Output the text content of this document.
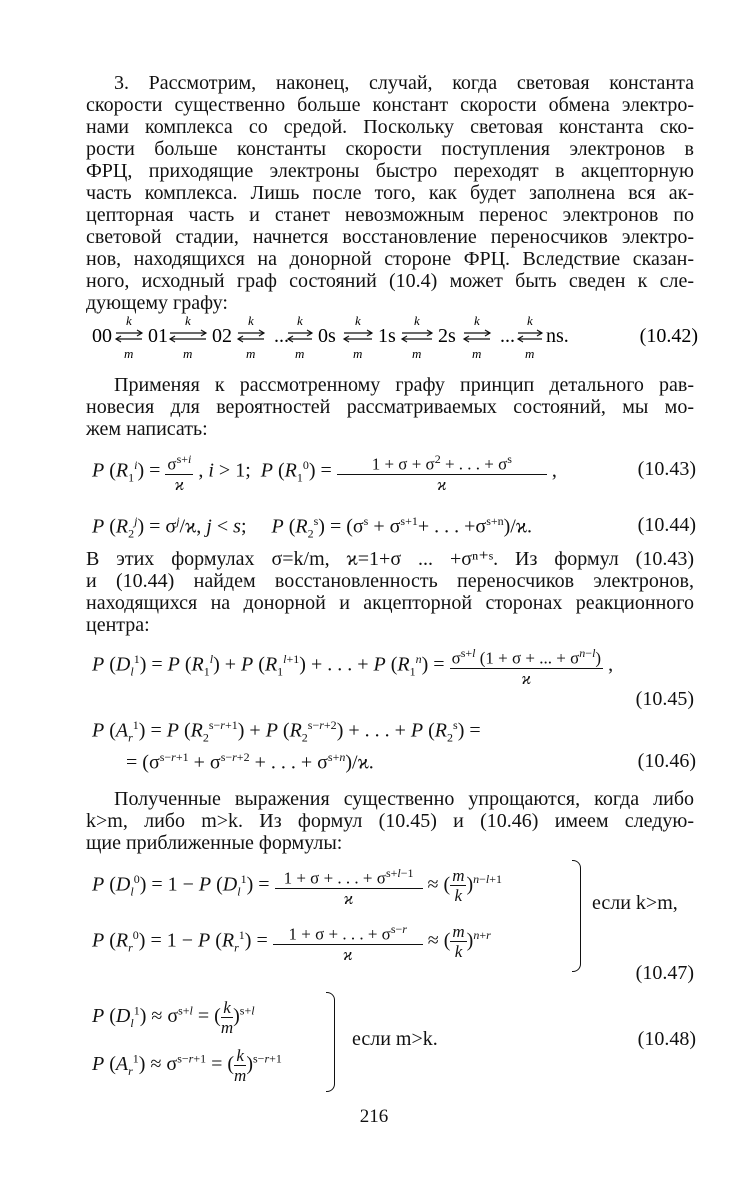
3. Рассмотрим, наконец, случай, когда световая константа
скорости существенно больше констант скорости обмена электро-
нами комплекса со средой. Поскольку световая константа ско-
рости больше константы скорости поступления электронов в
ФРЦ, приходящие электроны быстро переходят в акцепторную
часть комплекса. Лишь после того, как будет заполнена вся ак-
цепторная часть и станет невозможным перенос электронов по
световой стадии, начнется восстановление переносчиков электро-
нов, находящихся на донорной стороне ФРЦ. Вследствие сказан-
ного, исходный граф состояний (10.4) может быть сведен к сле-
дующему графу:
00 01 02 ... 0s 1s 2s ... ns.
k
m
k
m
k
m
k
m
k
m
k
m
k
m
k
m
(10.42)
Применяя к рассмотренному графу принцип детального рав-
новесия для вероятностей рассматриваемых состояний, мы мо-
жем написать:
P $(R_1^i) = \frac{\sigma^{s+i}}{ϰ}$ , i > 1;  P $(R_1^0) = \frac{1 + \sigma + \sigma^2 + . . . + \sigma^s}{ϰ}$ ,	(10.43)
P $(R_2^j) = \sigma^j/ϰ$, j < s;     P $(R_2^s) = (\sigma^s + \sigma^{s+1}+$ . . . $+\sigma^{s+n})/ϰ$.	(10.44)
В этих формулах σ=k/m, ϰ=1+σ ... +σⁿ⁺ˢ. Из формул (10.43)
и (10.44) найдем восстановленность переносчиков электронов,
находящихся на донорной и акцепторной сторонах реакционного
центра:
P $(D_l^1) = P$ $(R_1^l) + P$ $(R_1^{l+1})$ + . . . + P $(R_1^n) = \frac{\sigma^{s+l} (1 + \sigma + ... + \sigma^{n-l})}{ϰ}$ ,
(10.45)
P $(A_r^1) = P$ $(R_2^{s-r+1}) + P$ $(R_2^{s-r+2})$ + . . . + P $(R_2^s)$ =
= ($\sigma^{s-r+1} + \sigma^{s-r+2}$ + . . . + $\sigma^{s+n})/ϰ$.	(10.46)
Полученные выражения существенно упрощаются, когда либо
k>m, либо m>k. Из формул (10.45) и (10.46) имеем следую-
щие приближенные формулы:
P $(D_l^0) = 1 - P$ $(D_l^1) = \frac{1 + \sigma + . . . + \sigma^{s+l-1}}{ϰ}$ ≈ ( $\frac{m}{k} )^{n-l+1}$
P $(R_r^0) = 1 - P$ $(R_r^1) = \frac{1 + \sigma + . . . + \sigma^{s-r}}{ϰ}$ ≈ ( $\frac{m}{k} )^{n+r}$
если k>m,
(10.47)
P $(D_l^1) \approx \sigma^{s+l}$ = ( $\frac{k}{m} )^{s+l}$
P $(A_r^1) \approx \sigma^{s-r+1}$ = ( $\frac{k}{m} )^{s-r+1}$
если m>k.	(10.48)
216
